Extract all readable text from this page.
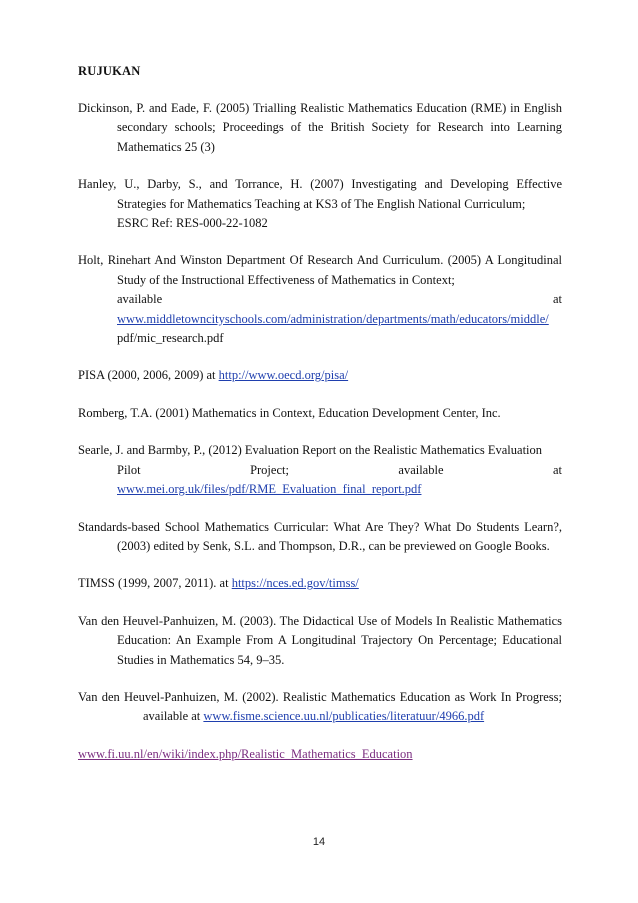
RUJUKAN
Dickinson, P. and Eade, F. (2005) Trialling Realistic Mathematics Education (RME) in English secondary schools; Proceedings of the British Society for Research into Learning Mathematics 25 (3)
Hanley, U., Darby, S., and Torrance, H. (2007) Investigating and Developing Effective Strategies for Mathematics Teaching at KS3 of The English National Curriculum;
ESRC Ref: RES-000-22-1082
Holt, Rinehart And Winston Department Of Research And Curriculum. (2005) A Longitudinal Study of the Instructional Effectiveness of Mathematics in Context;
available	at
www.middletowncityschools.com/administration/departments/math/educators/middle/
pdf/mic_research.pdf
PISA (2000, 2006, 2009) at http://www.oecd.org/pisa/
Romberg, T.A. (2001) Mathematics in Context, Education Development Center, Inc.
Searle, J. and Barmby, P., (2012) Evaluation Report on the Realistic Mathematics Evaluation
Pilot	Project;	available	at
www.mei.org.uk/files/pdf/RME_Evaluation_final_report.pdf
Standards-based School Mathematics Curricular: What Are They? What Do Students Learn?, (2003) edited by Senk, S.L. and Thompson, D.R., can be previewed on Google Books.
TIMSS (1999, 2007, 2011). at https://nces.ed.gov/timss/
Van den Heuvel-Panhuizen, M. (2003). The Didactical Use of Models In Realistic Mathematics Education: An Example From A Longitudinal Trajectory On Percentage; Educational Studies in Mathematics 54, 9–35.
Van den Heuvel-Panhuizen, M. (2002). Realistic Mathematics Education as Work In Progress;available at www.fisme.science.uu.nl/publicaties/literatuur/4966.pdf
www.fi.uu.nl/en/wiki/index.php/Realistic_Mathematics_Education
14
